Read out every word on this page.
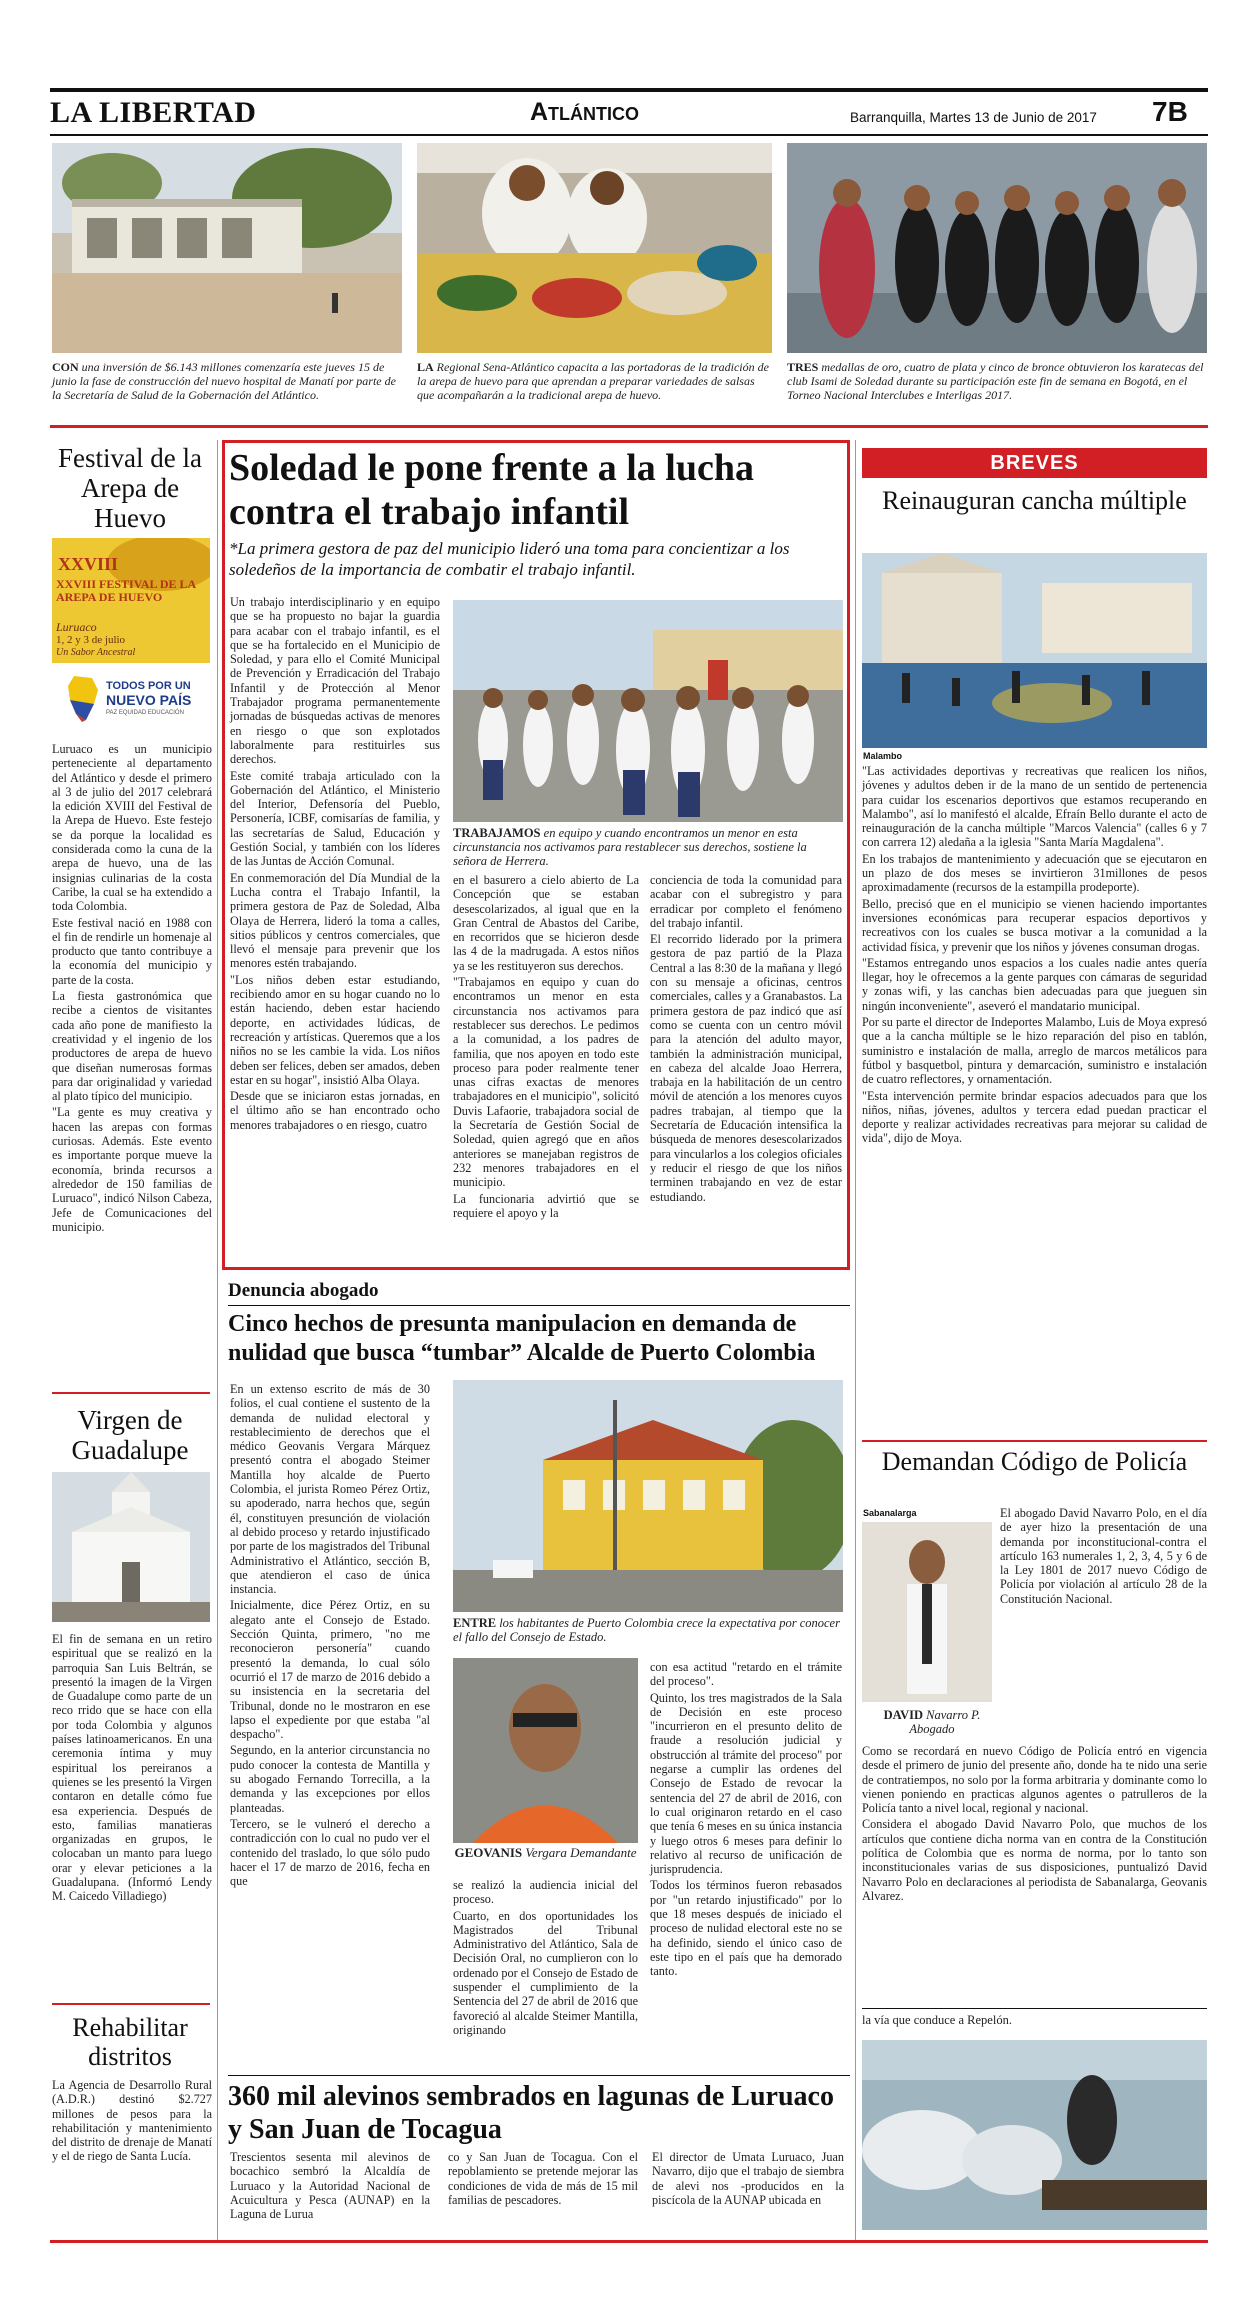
LA LIBERTAD	Atlántico	Barranquilla, Martes 13 de Junio de 2017 7B
CON una inversión de $6.143 millones comenzaría este jueves 15 de junio la fase de construcción del nuevo hospital de Manatí por parte de la Secretaría de Salud de la Gobernación del Atlántico.
LA Regional Sena-Atlántico capacita a las portadoras de la tradición de la arepa de huevo para que aprendan a preparar variedades de salsas que acompañarán a la tradicional arepa de huevo.
TRES medallas de oro, cuatro de plata y cinco de bronce obtuvieron los karatecas del club Isami de Soledad durante su participación este fin de semana en Bogotá, en el Torneo Nacional Interclubes e Interligas 2017.
Festival de la Arepa de Huevo
XXVIII
XXVIII FESTIVAL DE LA AREPA DE HUEVO
Luruaco
1, 2 y 3 de julio
Un Sabor Ancestral
TODOS POR UN
NUEVO PAÍS
PAZ EQUIDAD EDUCACIÓN

Luruaco es un municipio perteneciente al departamento del Atlántico y desde el primero al 3 de julio del 2017 celebrará la edición XVIII del Festival de la Arepa de Huevo. Este festejo se da porque la localidad es considerada como la cuna de la arepa de huevo, una de las insignias culinarias de la costa Caribe, la cual se ha extendido a toda Colombia.

Este festival nació en 1988 con el fin de rendirle un homenaje al producto que tanto contribuye a la economía del municipio y parte de la costa.

La fiesta gastronómica que recibe a cientos de visitantes cada año pone de manifiesto la creatividad y el ingenio de los productores de arepa de huevo que diseñan numerosas formas para dar originalidad y variedad al plato típico del municipio.

"La gente es muy creativa y hacen las arepas con formas curiosas. Además. Este evento es importante porque mueve la economía, brinda recursos a alrededor de 150 familias de Luruaco", indicó Nilson Cabeza, Jefe de Comunicaciones del municipio.

Virgen de Guadalupe

El fin de semana en un retiro espiritual que se realizó en la parroquia San Luis Beltrán, se presentó la imagen de la Virgen de Guadalupe como parte de un reco rrido que se hace con ella por toda Colombia y algunos países latinoamericanos. En una ceremonia íntima y muy espiritual los pereiranos a quienes se les presentó la Virgen contaron en detalle cómo fue esa experiencia. Después de esto, familias manatieras organizadas en grupos, le colocaban un manto para luego orar y elevar peticiones a la Guadalupana. (Informó Lendy M. Caicedo Villadiego)

Rehabilitar distritos

La Agencia de Desarrollo Rural (A.D.R.) destinó $2.727 millones de pesos para la rehabilitación y mantenimiento del distrito de drenaje de Manatí y el de riego de Santa Lucía.

Soledad le pone frente a la lucha contra el trabajo infantil
*La primera gestora de paz del municipio lideró una toma para concientizar a los soledeños de la importancia de combatir el trabajo infantil.

Un trabajo interdisciplinario y en equipo que se ha propuesto no bajar la guardia para acabar con el trabajo infantil, es el que se ha fortalecido en el Municipio de Soledad, y para ello el Comité Municipal de Prevención y Erradicación del Trabajo Infantil y de Protección al Menor Trabajador programa permanentemente jornadas de búsquedas activas de menores en riesgo o que son explotados laboralmente para restituirles sus derechos.

Este comité trabaja articulado con la Gobernación del Atlántico, el Ministerio del Interior, Defensoría del Pueblo, Personería, ICBF, comisarías de familia, y las secretarías de Salud, Educación y Gestión Social, y también con los líderes de las Juntas de Acción Comunal.

En conmemoración del Día Mundial de la Lucha contra el Trabajo Infantil, la primera gestora de Paz de Soledad, Alba Olaya de Herrera, lideró la toma a calles, sitios públicos y centros comerciales, que llevó el mensaje para prevenir que los menores estén trabajando.

"Los niños deben estar estudiando, recibiendo amor en su hogar cuando no lo están haciendo, deben estar haciendo deporte, en actividades lúdicas, de recreación y artísticas. Queremos que a los niños no se les cambie la vida. Los niños deben ser felices, deben ser amados, deben estar en su hogar", insistió Alba Olaya.

Desde que se iniciaron estas jornadas, en el último año se han encontrado ocho menores trabajadores o en riesgo, cuatro

TRABAJAMOS en equipo y cuando encontramos un menor en esta circunstancia nos activamos para restablecer sus derechos, sostiene la señora de Herrera.

en el basurero a cielo abierto de La Concepción que se estaban desescolarizados, al igual que en la Gran Central de Abastos del Caribe, en recorridos que se hicieron desde las 4 de la madrugada. A estos niños ya se les restituyeron sus derechos.

"Trabajamos en equipo y cuan do encontramos un menor en esta circunstancia nos activamos para restablecer sus derechos. Le pedimos a la comunidad, a los padres de familia, que nos apoyen en todo este proceso para poder realmente tener unas cifras exactas de menores trabajadores en el municipio", solicitó Duvis Lafaorie, trabajadora social de la Secretaría de Gestión Social de Soledad, quien agregó que en años anteriores se manejaban registros de 232 menores trabajadores en el municipio.

La funcionaria advirtió que se requiere el apoyo y la

conciencia de toda la comunidad para acabar con el subregistro y para erradicar por completo el fenómeno del trabajo infantil.

El recorrido liderado por la primera gestora de paz partió de la Plaza Central a las 8:30 de la mañana y llegó con su mensaje a oficinas, centros comerciales, calles y a Granabastos. La primera gestora de paz indicó que así como se cuenta con un centro móvil para la atención del adulto mayor, también la administración municipal, en cabeza del alcalde Joao Herrera, trabaja en la habilitación de un centro móvil de atención a los menores cuyos padres trabajan, al tiempo que la Secretaría de Educación intensifica la búsqueda de menores desescolarizados para vincularlos a los colegios oficiales y reducir el riesgo de que los niños terminen trabajando en vez de estar estudiando.

Denuncia abogado
Cinco hechos de presunta manipulacion en demanda de nulidad que busca “tumbar” Alcalde de Puerto Colombia

En un extenso escrito de más de 30 folios, el cual contiene el sustento de la demanda de nulidad electoral y restablecimiento de derechos que el médico Geovanis Vergara Márquez presentó contra el abogado Steimer Mantilla hoy alcalde de Puerto Colombia, el jurista Romeo Pérez Ortiz, su apoderado, narra hechos que, según él, constituyen presunción de violación al debido proceso y retardo injustificado por parte de los magistrados del Tribunal Administrativo el Atlántico, sección B, que atendieron el caso de única instancia.

Inicialmente, dice Pérez Ortiz, en su alegato ante el Consejo de Estado. Sección Quinta, primero, "no me reconocieron personería" cuando presentó la demanda, lo cual sólo ocurrió el 17 de marzo de 2016 debido a su insistencia en la secretaria del Tribunal, donde no le mostraron en ese lapso el expediente por que estaba "al despacho".

Segundo, en la anterior circunstancia no pudo conocer la contesta de Mantilla y su abogado Fernando Torrecilla, a la demanda y las excepciones por ellos planteadas.

Tercero, se le vulneró el derecho a contradicción con lo cual no pudo ver el contenido del traslado, lo que sólo pudo hacer el 17 de marzo de 2016, fecha en que

ENTRE los habitantes de Puerto Colombia crece la expectativa por conocer el fallo del Consejo de Estado.
GEOVANIS Vergara Demandante

se realizó la audiencia inicial del proceso.

Cuarto, en dos oportunidades los Magistrados del Tribunal Administrativo del Atlántico, Sala de Decisión Oral, no cumplieron con lo ordenado por el Consejo de Estado de suspender el cumplimiento de la Sentencia del 27 de abril de 2016 que favoreció al alcalde Steimer Mantilla, originando

con esa actitud "retardo en el trámite del proceso".

Quinto, los tres magistrados de la Sala de Decisión en este proceso "incurrieron en el presunto delito de fraude a resolución judicial y obstrucción al trámite del proceso" por negarse a cumplir las ordenes del Consejo de Estado de revocar la sentencia del 27 de abril de 2016, con lo cual originaron retardo en el caso que tenía 6 meses en su única instancia y luego otros 6 meses para definir lo relativo al recurso de unificación de jurisprudencia.

Todos los términos fueron rebasados por "un retardo injustificado" por lo que 18 meses después de iniciado el proceso de nulidad electoral este no se ha definido, siendo el único caso de este tipo en el país que ha demorado tanto.

BREVES
Reinauguran cancha múltiple
Malambo

"Las actividades deportivas y recreativas que realicen los niños, jóvenes y adultos deben ir de la mano de un sentido de pertenencia para cuidar los escenarios deportivos que estamos recuperando en Malambo", así lo manifestó el alcalde, Efraín Bello durante el acto de reinauguración de la cancha múltiple "Marcos Valencia" (calles 6 y 7 con carrera 12) aledaña a la iglesia "Santa María Magdalena".

En los trabajos de mantenimiento y adecuación que se ejecutaron en un plazo de dos meses se invirtieron 31millones de pesos aproximadamente (recursos de la estampilla prodeporte).

Bello, precisó que en el municipio se vienen haciendo importantes inversiones económicas para recuperar espacios deportivos y recreativos con los cuales se busca motivar a la comunidad a la actividad física, y prevenir que los niños y jóvenes consuman drogas.

"Estamos entregando unos espacios a los cuales nadie antes quería llegar, hoy le ofrecemos a la gente parques con cámaras de seguridad y zonas wifi, y las canchas bien adecuadas para que jueguen sin ningún inconveniente", aseveró el mandatario municipal.

Por su parte el director de Indeportes Malambo, Luis de Moya expresó que a la cancha múltiple se le hizo reparación del piso en tablón, suministro e instalación de malla, arreglo de marcos metálicos para fútbol y basquetbol, pintura y demarcación, suministro e instalación de cuatro reflectores, y ornamentación.

"Esta intervención permite brindar espacios adecuados para que los niños, niñas, jóvenes, adultos y tercera edad puedan practicar el deporte y realizar actividades recreativas para mejorar su calidad de vida", dijo de Moya.

Demandan Código de Policía
Sabanalarga
DAVID Navarro P. Abogado

El abogado David Navarro Polo, en el día de ayer hizo la presentación de una demanda por inconstitucional-contra el artículo 163 numerales 1, 2, 3, 4, 5 y 6 de la Ley 1801 de 2017 nuevo Código de Policía por violación al artículo 28 de la Constitución Nacional.

Como se recordará en nuevo Código de Policía entró en vigencia desde el primero de junio del presente año, donde ha te nido una serie de contratiempos, no solo por la forma arbitraria y dominante como lo vienen poniendo en practicas algunos agentes o patrulleros de la Policía tanto a nivel local, regional y nacional.

Considera el abogado David Navarro Polo, que muchos de los artículos que contiene dicha norma van en contra de la Constitución política de Colombia que es norma de norma, por lo tanto son inconstitucionales varias de sus disposiciones, puntualizó David Navarro Polo en declaraciones al periodista de Sabanalarga, Geovanis Alvarez.

la vía que conduce a Repelón.
360 mil alevinos sembrados en lagunas de Luruaco y San Juan de Tocagua

Trescientos sesenta mil alevinos de bocachico sembró la Alcaldía de Luruaco y la Autoridad Nacional de Acuicultura y Pesca (AUNAP) en la Laguna de Lurua

co y San Juan de Tocagua. Con el repoblamiento se pretende mejorar las condiciones de vida de más de 15 mil familias de pescadores.

El director de Umata Luruaco, Juan Navarro, dijo que el trabajo de siembra de alevi nos -producidos en la piscícola de la AUNAP ubicada en
